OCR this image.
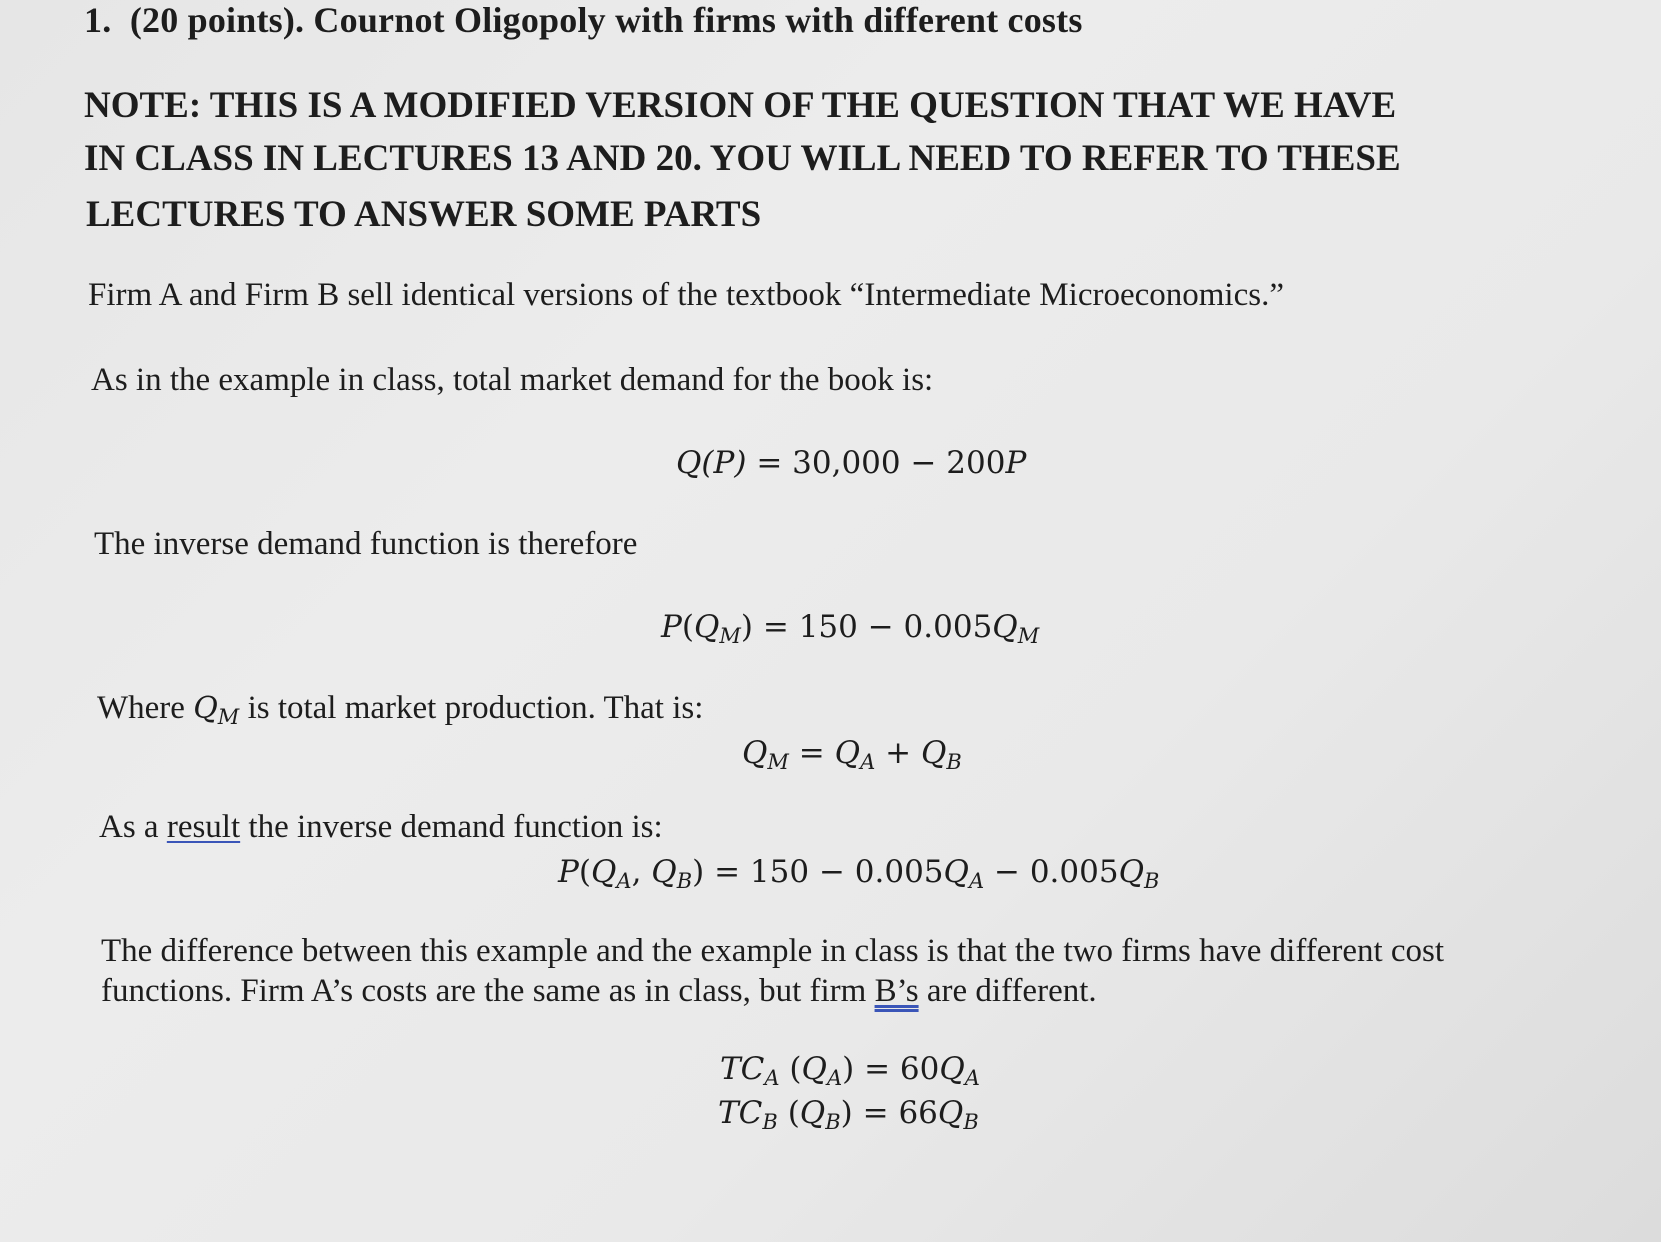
1. (20 points). Cournot Oligopoly with firms with different costs
NOTE: THIS IS A MODIFIED VERSION OF THE QUESTION THAT WE HAVE
IN CLASS IN LECTURES 13 AND 20. YOU WILL NEED TO REFER TO THESE
LECTURES TO ANSWER SOME PARTS
Firm A and Firm B sell identical versions of the textbook “Intermediate Microeconomics.”
As in the example in class, total market demand for the book is:
Q(P) = 30,000 − 200P
The inverse demand function is therefore
$P(Q_M) = 150 - 0.005Q_M$
Where $Q_M$ is total market production. That is:
$Q_M = Q_A + Q_B$
As a result the inverse demand function is:
$P(Q_A$, $Q_B) = 150 - 0.005Q_A - 0.005Q_B$
The difference between this example and the example in class is that the two firms have different cost
functions. Firm A’s costs are the same as in class, but firm B’s are different.
$TC_A$ $(Q_A) = 60Q_A$
$TC_B$ $(Q_B) = 66Q_B$
